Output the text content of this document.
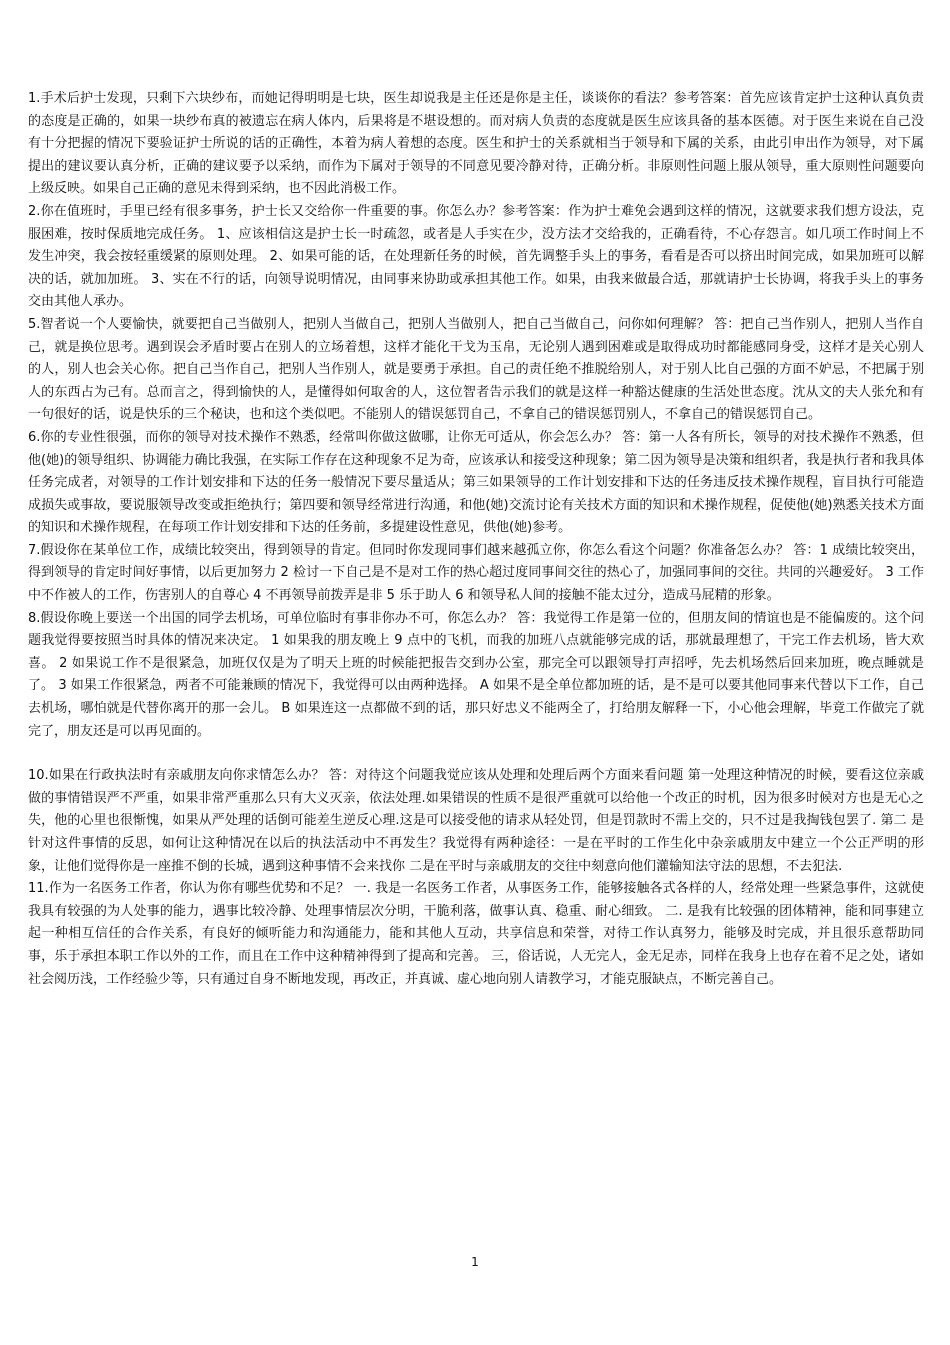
1.手术后护士发现，只剩下六块纱布，而她记得明明是七块，医生却说我是主任还是你是主任，谈谈你的看法？参考答案：首先应该肯定护士这种认真负责的态度是正确的，如果一块纱布真的被遗忘在病人体内，后果将是不堪设想的。而对病人负责的态度就是医生应该具备的基本医德。对于医生来说在自己没有十分把握的情况下要验证护士所说的话的正确性，本着为病人着想的态度。医生和护士的关系就相当于领导和下属的关系，由此引申出作为领导，对下属提出的建议要认真分析，正确的建议要予以采纳，而作为下属对于领导的不同意见要冷静对待，正确分析。非原则性问题上服从领导，重大原则性问题要向上级反映。如果自己正确的意见未得到采纳，也不因此消极工作。

2.你在值班时，手里已经有很多事务，护士长又交给你一件重要的事。你怎么办？参考答案：作为护士难免会遇到这样的情况，这就要求我们想方设法，克服困难，按时保质地完成任务。 1、应该相信这是护士长一时疏忽，或者是人手实在少，没方法才交给我的，正确看待，不心存怨言。如几项工作时间上不发生冲突，我会按轻重缓紧的原则处理。 2、如果可能的话，在处理新任务的时候，首先调整手头上的事务，看看是否可以挤出时间完成，如果加班可以解决的话，就加加班。 3、实在不行的话，向领导说明情况，由同事来协助或承担其他工作。如果，由我来做最合适，那就请护士长协调，将我手头上的事务交由其他人承办。

5.智者说一个人要愉快，就要把自己当做别人，把别人当做自己，把别人当做别人，把自己当做自己，问你如何理解？ 答：把自己当作别人，把别人当作自己，就是换位思考。遇到误会矛盾时要占在别人的立场着想，这样才能化干戈为玉帛，无论别人遇到困难或是取得成功时都能感同身受，这样才是关心别人的人，别人也会关心你。把自己当作自己，把别人当作别人，就是要勇于承担。自己的责任绝不推脱给别人，对于别人比自己强的方面不妒忌，不把属于别人的东西占为己有。总而言之，得到愉快的人，是懂得如何取舍的人，这位智者告示我们的就是这样一种豁达健康的生活处世态度。沈从文的夫人张允和有一句很好的话，说是快乐的三个秘诀，也和这个类似吧。不能别人的错误惩罚自己，不拿自己的错误惩罚别人，不拿自己的错误惩罚自己。

6.你的专业性很强，而你的领导对技术操作不熟悉，经常叫你做这做哪，让你无可适从，你会怎么办？ 答：第一人各有所长，领导的对技术操作不熟悉，但他(她)的领导组织、协调能力确比我强，在实际工作存在这种现象不足为奇，应该承认和接受这种现象；第二因为领导是决策和组织者，我是执行者和我具体任务完成者，对领导的工作计划安排和下达的任务一般情况下要尽量适从；第三如果领导的工作计划安排和下达的任务违反技术操作规程，盲目执行可能造成损失或事故，要说服领导改变或拒绝执行；第四要和领导经常进行沟通，和他(她)交流讨论有关技术方面的知识和术操作规程，促使他(她)熟悉关技术方面的知识和术操作规程，在每项工作计划安排和下达的任务前，多提建设性意见，供他(她)参考。

7.假设你在某单位工作，成绩比较突出，得到领导的肯定。但同时你发现同事们越来越孤立你，你怎么看这个问题？你准备怎么办？ 答：1 成绩比较突出，得到领导的肯定时间好事情，以后更加努力 2 检讨一下自己是不是对工作的热心超过度同事间交往的热心了，加强同事间的交往。共同的兴趣爱好。 3 工作中不作被人的工作，伤害别人的自尊心 4 不再领导前拨弄是非 5 乐于助人 6 和领导私人间的接触不能太过分，造成马屁精的形象。

8.假设你晚上要送一个出国的同学去机场，可单位临时有事非你办不可，你怎么办？ 答：我觉得工作是第一位的，但朋友间的情谊也是不能偏废的。这个问题我觉得要按照当时具体的情况来决定。 1 如果我的朋友晚上 9 点中的飞机，而我的加班八点就能够完成的话，那就最理想了，干完工作去机场，皆大欢喜。 2 如果说工作不是很紧急，加班仅仅是为了明天上班的时候能把报告交到办公室，那完全可以跟领导打声招呼，先去机场然后回来加班，晚点睡就是了。 3 如果工作很紧急，两者不可能兼顾的情况下，我觉得可以由两种选择。 A 如果不是全单位都加班的话，是不是可以要其他同事来代替以下工作，自己去机场，哪怕就是代替你离开的那一会儿。 B 如果连这一点都做不到的话，那只好忠义不能两全了，打给朋友解释一下，小心他会理解，毕竟工作做完了就完了，朋友还是可以再见面的。

10.如果在行政执法时有亲戚朋友向你求情怎么办？ 答：对待这个问题我觉应该从处理和处理后两个方面来看问题 第一处理这种情况的时候，要看这位亲戚做的事情错误严不严重，如果非常严重那么只有大义灭亲，依法处理.如果错误的性质不是很严重就可以给他一个改正的时机，因为很多时候对方也是无心之失，他的心里也很惭愧，如果从严处理的话倒可能差生逆反心理.这是可以接受他的请求从轻处罚，但是罚款时不需上交的，只不过是我掏钱包罢了. 第二 是针对这件事情的反思，如何让这种情况在以后的执法活动中不再发生？我觉得有两种途径：一是在平时的工作生化中杂亲戚朋友中建立一个公正严明的形象，让他们觉得你是一座推不倒的长城，遇到这种事情不会来找你 二是在平时与亲戚朋友的交往中刻意向他们灌输知法守法的思想，不去犯法.

11.作为一名医务工作者，你认为你有哪些优势和不足？ 一. 我是一名医务工作者，从事医务工作，能够接触各式各样的人，经常处理一些紧急事件，这就使我具有较强的为人处事的能力，遇事比较冷静、处理事情层次分明，干脆利落，做事认真、稳重、耐心细致。 二. 是我有比较强的团体精神，能和同事建立起一种相互信任的合作关系，有良好的倾听能力和沟通能力，能和其他人互动，共享信息和荣誉，对待工作认真努力，能够及时完成，并且很乐意帮助同事，乐于承担本职工作以外的工作，而且在工作中这种精神得到了提高和完善。 三，俗话说，人无完人，金无足赤，同样在我身上也存在着不足之处，诸如社会阅历浅，工作经验少等，只有通过自身不断地发现，再改正，并真诚、虚心地向别人请教学习，才能克服缺点，不断完善自己。

1
